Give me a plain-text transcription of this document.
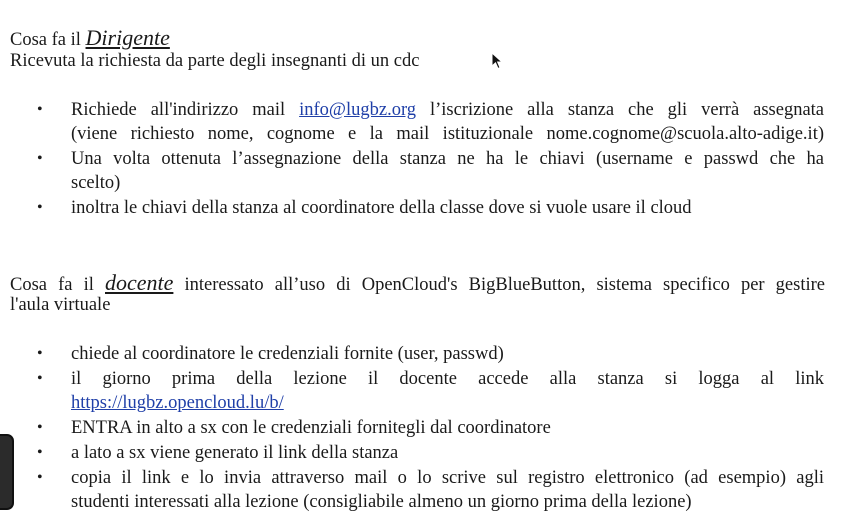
Cosa fa il Dirigente
Ricevuta la richiesta da parte degli insegnanti di un cdc
• Richiede all'indirizzo mail info@lugbz.org l’iscrizione alla stanza che gli verrà assegnata
(viene richiesto nome, cognome e la mail istituzionale nome.cognome@scuola.alto-adige.it)
• Una volta ottenuta l’assegnazione della stanza ne ha le chiavi (username e passwd che ha
scelto)
• inoltra le chiavi della stanza al coordinatore della classe dove si vuole usare il cloud
Cosa fa il docente interessato all’uso di OpenCloud's BigBlueButton, sistema specifico per gestire
l'aula virtuale
• chiede al coordinatore le credenziali fornite (user, passwd)
• il giorno prima della lezione il docente accede alla stanza si logga al link
https://lugbz.opencloud.lu/b/
• ENTRA in alto a sx con le credenziali fornitegli dal coordinatore
• a lato a sx viene generato il link della stanza
• copia il link e lo invia attraverso mail o lo scrive sul registro elettronico (ad esempio) agli
studenti interessati alla lezione (consigliabile almeno un giorno prima della lezione)
